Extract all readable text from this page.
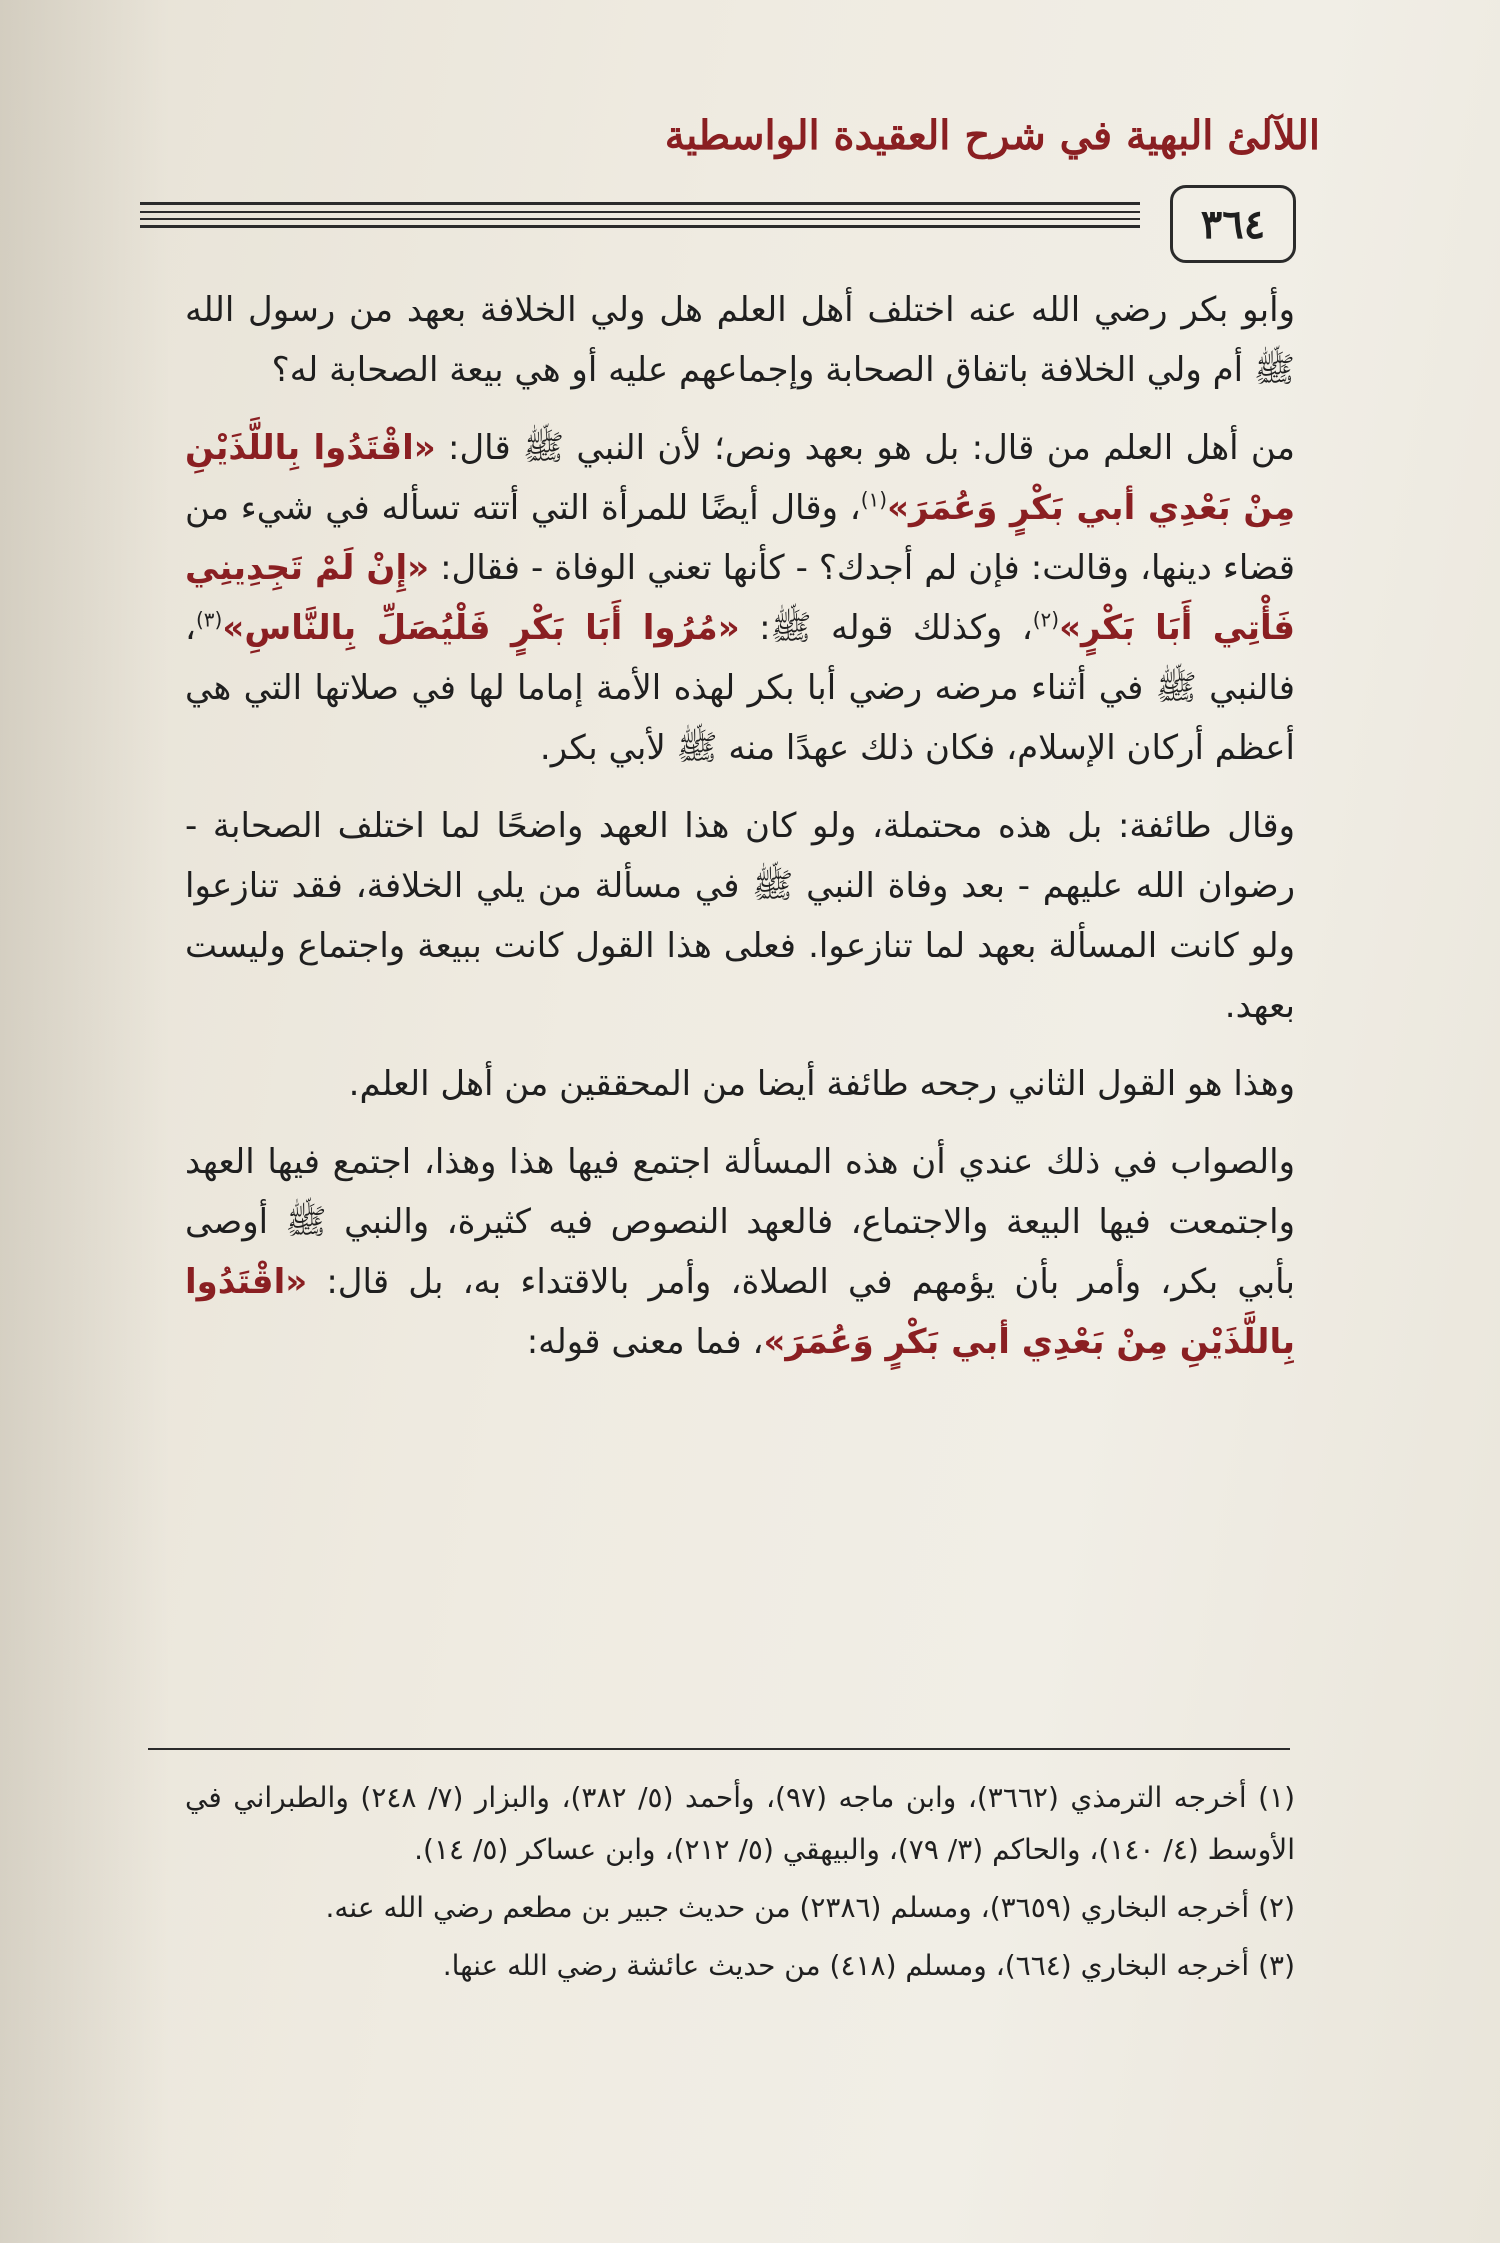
اللآلئ البهية في شرح العقيدة الواسطية
٣٦٤

وأبو بكر رضي الله عنه اختلف أهل العلم هل ولي الخلافة بعهد من رسول الله ﷺ أم ولي الخلافة باتفاق الصحابة وإجماعهم عليه أو هي بيعة الصحابة له؟

من أهل العلم من قال: بل هو بعهد ونص؛ لأن النبي ﷺ قال: «اقْتَدُوا بِاللَّذَيْنِ مِنْ بَعْدِي أبي بَكْرٍ وَعُمَرَ»$^{(١)}$، وقال أيضًا للمرأة التي أتته تسأله في شيء من قضاء دينها، وقالت: فإن لم أجدك؟ - كأنها تعني الوفاة - فقال: «إِنْ لَمْ تَجِدِينِي فَأْتِي أَبَا بَكْرٍ»$^{(٢)}$، وكذلك قوله ﷺ: «مُرُوا أَبَا بَكْرٍ فَلْيُصَلِّ بِالنَّاسِ»$^{(٣)}$، فالنبي ﷺ في أثناء مرضه رضي أبا بكر لهذه الأمة إماما لها في صلاتها التي هي أعظم أركان الإسلام، فكان ذلك عهدًا منه ﷺ لأبي بكر.

وقال طائفة: بل هذه محتملة، ولو كان هذا العهد واضحًا لما اختلف الصحابة - رضوان الله عليهم - بعد وفاة النبي ﷺ في مسألة من يلي الخلافة، فقد تنازعوا ولو كانت المسألة بعهد لما تنازعوا. فعلى هذا القول كانت ببيعة واجتماع وليست بعهد.

وهذا هو القول الثاني رجحه طائفة أيضا من المحققين من أهل العلم.

والصواب في ذلك عندي أن هذه المسألة اجتمع فيها هذا وهذا، اجتمع فيها العهد واجتمعت فيها البيعة والاجتماع، فالعهد النصوص فيه كثيرة، والنبي ﷺ أوصى بأبي بكر، وأمر بأن يؤمهم في الصلاة، وأمر بالاقتداء به، بل قال: «اقْتَدُوا بِاللَّذَيْنِ مِنْ بَعْدِي أبي بَكْرٍ وَعُمَرَ»، فما معنى قوله:

(١) أخرجه الترمذي (٣٦٦٢)، وابن ماجه (٩٧)، وأحمد (٥/ ٣٨٢)، والبزار (٧/ ٢٤٨) والطبراني في الأوسط (٤/ ١٤٠)، والحاكم (٣/ ٧٩)، والبيهقي (٥/ ٢١٢)، وابن عساكر (٥/ ١٤).

(٢) أخرجه البخاري (٣٦٥٩)، ومسلم (٢٣٨٦) من حديث جبير بن مطعم رضي الله عنه.

(٣) أخرجه البخاري (٦٦٤)، ومسلم (٤١٨) من حديث عائشة رضي الله عنها.
